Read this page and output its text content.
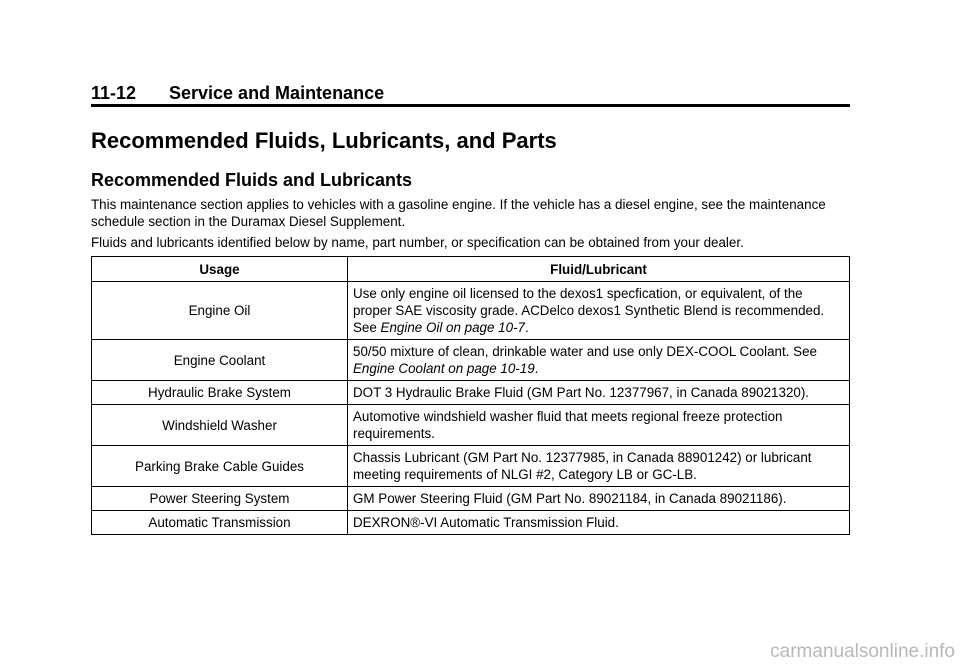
11-12 Service and Maintenance
Recommended Fluids, Lubricants, and Parts
Recommended Fluids and Lubricants

This maintenance section applies to vehicles with a gasoline engine. If the vehicle has a diesel engine, see the maintenance schedule section in the Duramax Diesel Supplement.

Fluids and lubricants identified below by name, part number, or specification can be obtained from your dealer.

Usage	Fluid/Lubricant
Engine Oil	Use only engine oil licensed to the dexos1 specfication, or equivalent, of the proper SAE viscosity grade. ACDelco dexos1 Synthetic Blend is recommended. See Engine Oil on page 10-7.
Engine Coolant	50/50 mixture of clean, drinkable water and use only DEX-COOL Coolant. See Engine Coolant on page 10-19.
Hydraulic Brake System	DOT 3 Hydraulic Brake Fluid (GM Part No. 12377967, in Canada 89021320).
Windshield Washer	Automotive windshield washer fluid that meets regional freeze protection requirements.
Parking Brake Cable Guides	Chassis Lubricant (GM Part No. 12377985, in Canada 88901242) or lubricant meeting requirements of NLGI #2, Category LB or GC-LB.
Power Steering System	GM Power Steering Fluid (GM Part No. 89021184, in Canada 89021186).
Automatic Transmission	DEXRON®-VI Automatic Transmission Fluid.
carmanualsonline.info
